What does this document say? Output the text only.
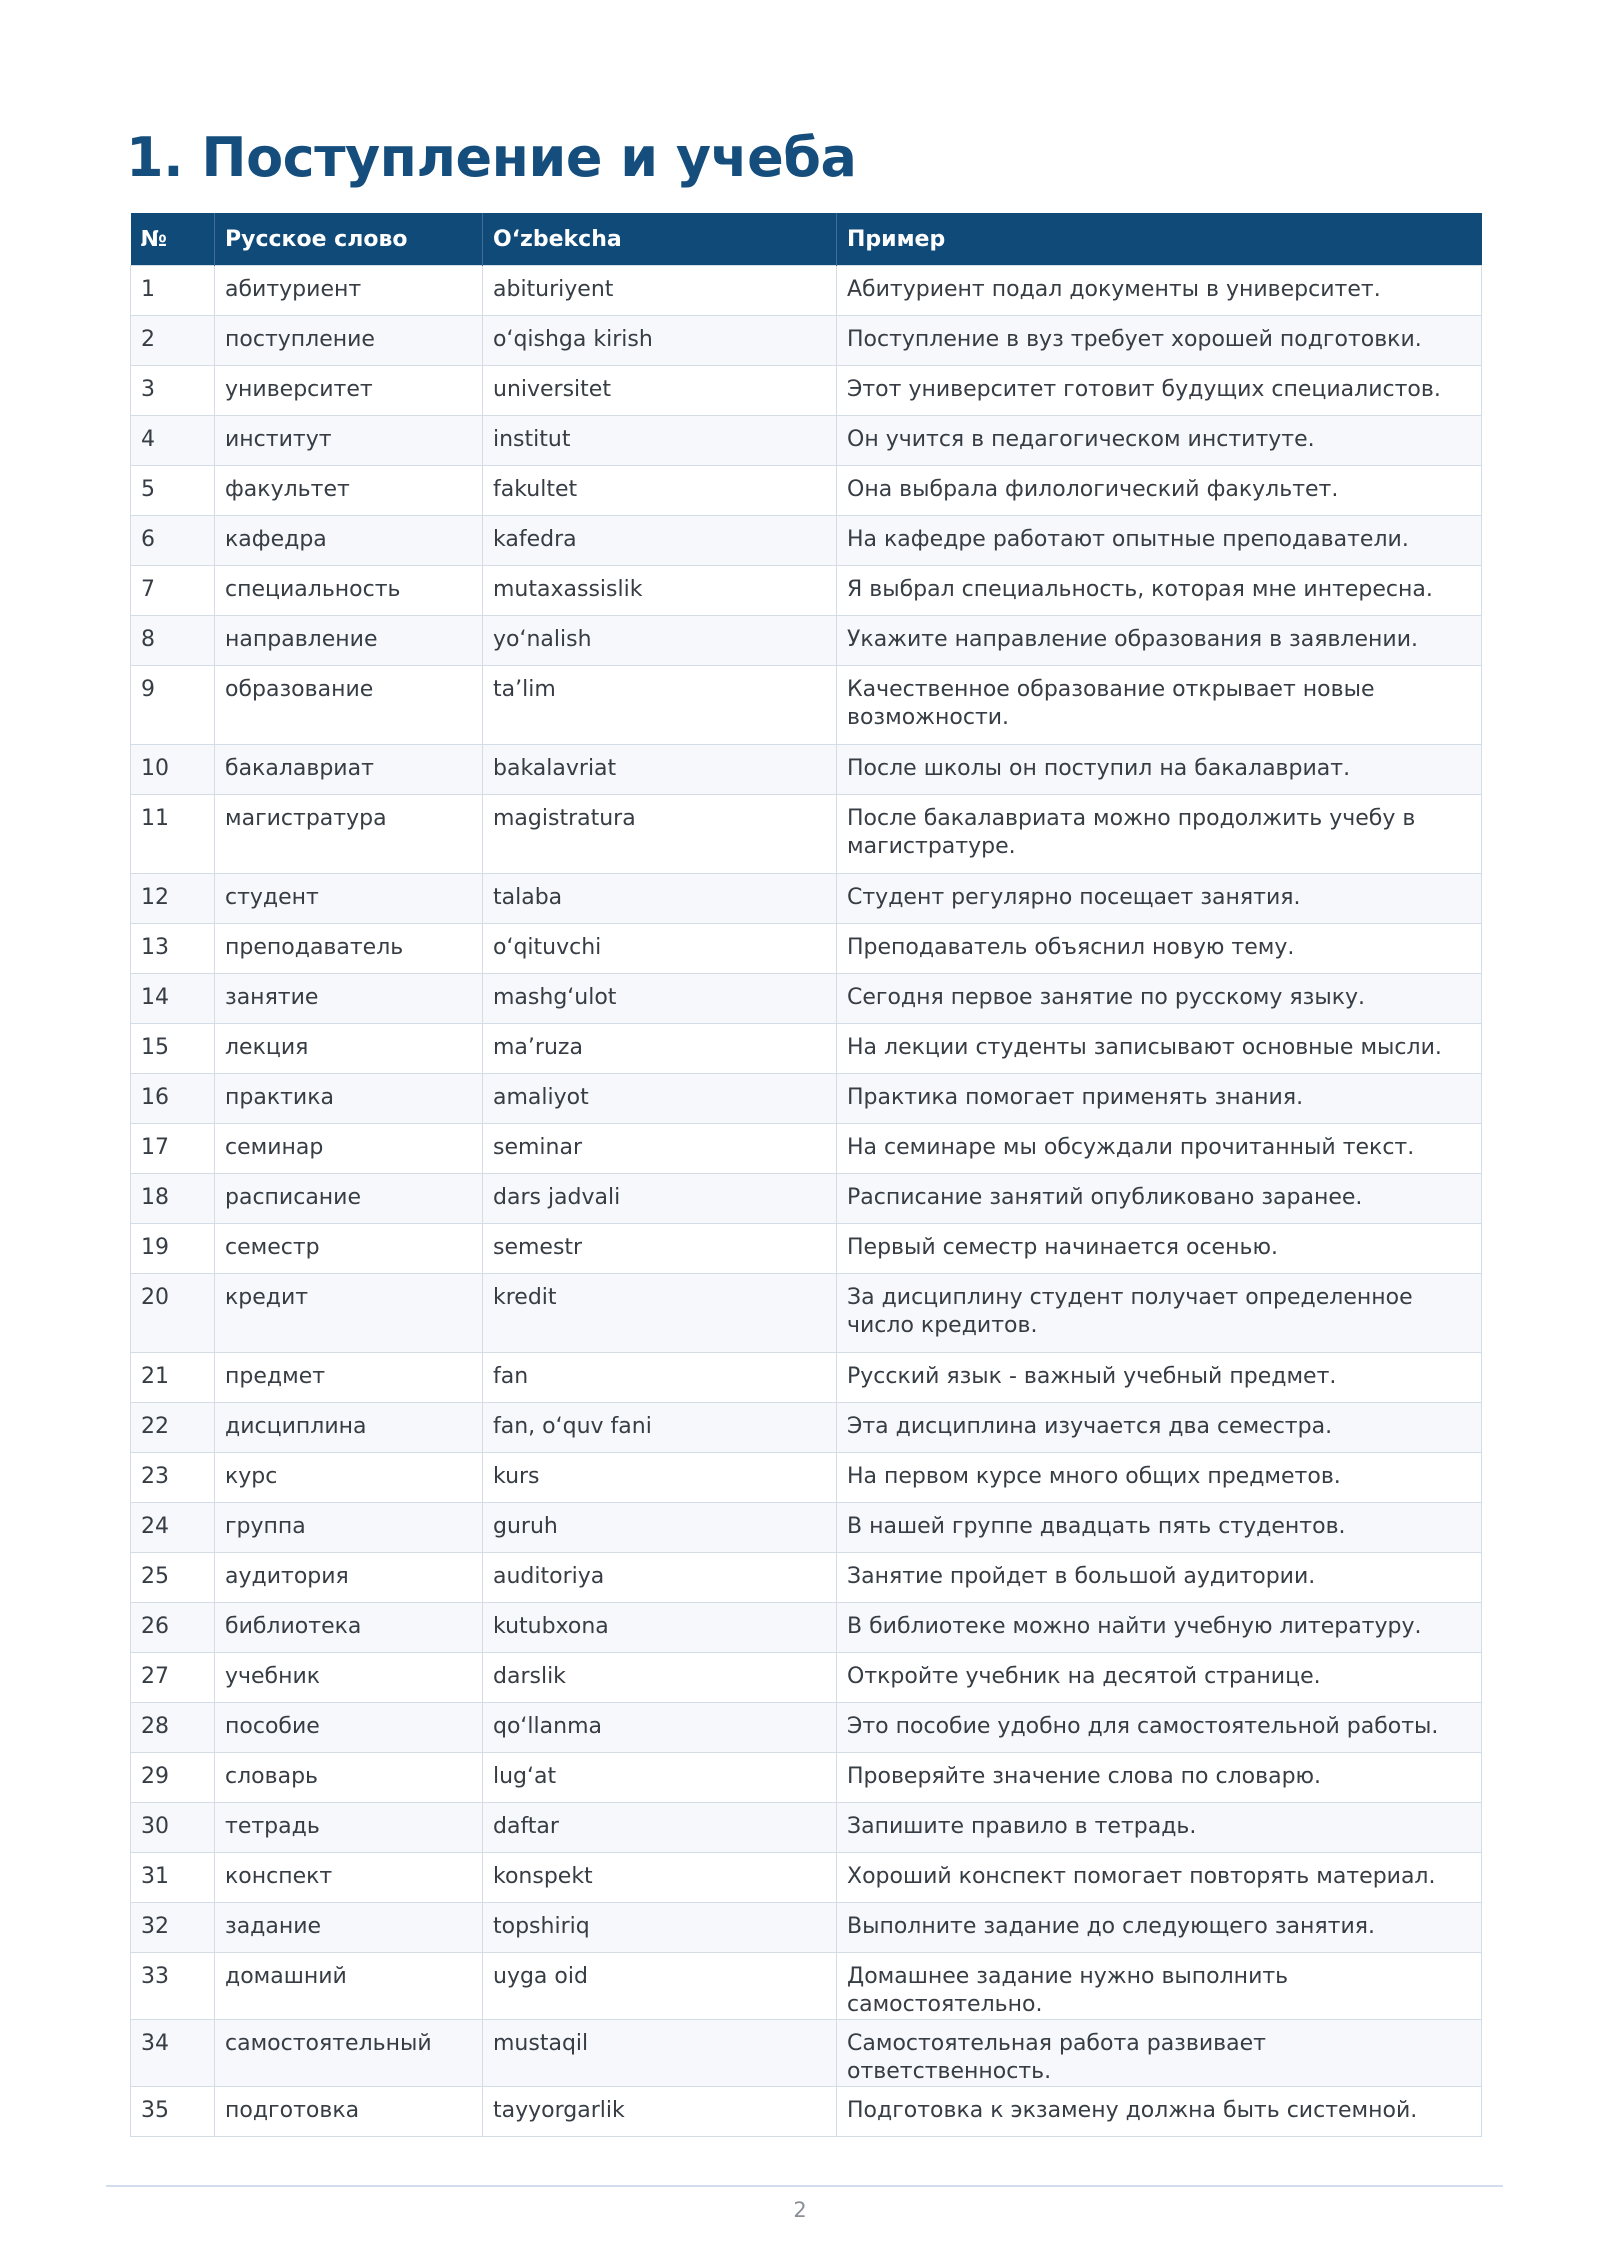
1. Поступление и учеба
№	Русское слово	O‘zbekcha	Пример
1	абитуриент	abituriyent	Абитуриент подал документы в университет.
2	поступление	o‘qishga kirish	Поступление в вуз требует хорошей подготовки.
3	университет	universitet	Этот университет готовит будущих специалистов.
4	институт	institut	Он учится в педагогическом институте.
5	факультет	fakultet	Она выбрала филологический факультет.
6	кафедра	kafedra	На кафедре работают опытные преподаватели.
7	специальность	mutaxassislik	Я выбрал специальность, которая мне интересна.
8	направление	yo‘nalish	Укажите направление образования в заявлении.
9	образование	ta’lim	Качественное образование открывает новые возможности.
10	бакалавриат	bakalavriat	После школы он поступил на бакалавриат.
11	магистратура	magistratura	После бакалавриата можно продолжить учебу в магистратуре.
12	студент	talaba	Студент регулярно посещает занятия.
13	преподаватель	o‘qituvchi	Преподаватель объяснил новую тему.
14	занятие	mashg‘ulot	Сегодня первое занятие по русскому языку.
15	лекция	ma’ruza	На лекции студенты записывают основные мысли.
16	практика	amaliyot	Практика помогает применять знания.
17	семинар	seminar	На семинаре мы обсуждали прочитанный текст.
18	расписание	dars jadvali	Расписание занятий опубликовано заранее.
19	семестр	semestr	Первый семестр начинается осенью.
20	кредит	kredit	За дисциплину студент получает определенное число кредитов.
21	предмет	fan	Русский язык - важный учебный предмет.
22	дисциплина	fan, o‘quv fani	Эта дисциплина изучается два семестра.
23	курс	kurs	На первом курсе много общих предметов.
24	группа	guruh	В нашей группе двадцать пять студентов.
25	аудитория	auditoriya	Занятие пройдет в большой аудитории.
26	библиотека	kutubxona	В библиотеке можно найти учебную литературу.
27	учебник	darslik	Откройте учебник на десятой странице.
28	пособие	qo‘llanma	Это пособие удобно для самостоятельной работы.
29	словарь	lug‘at	Проверяйте значение слова по словарю.
30	тетрадь	daftar	Запишите правило в тетрадь.
31	конспект	konspekt	Хороший конспект помогает повторять материал.
32	задание	topshiriq	Выполните задание до следующего занятия.
33	домашний	uyga oid	Домашнее задание нужно выполнить самостоятельно.
34	самостоятельный	mustaqil	Самостоятельная работа развивает ответственность.
35	подготовка	tayyorgarlik	Подготовка к экзамену должна быть системной.
2
